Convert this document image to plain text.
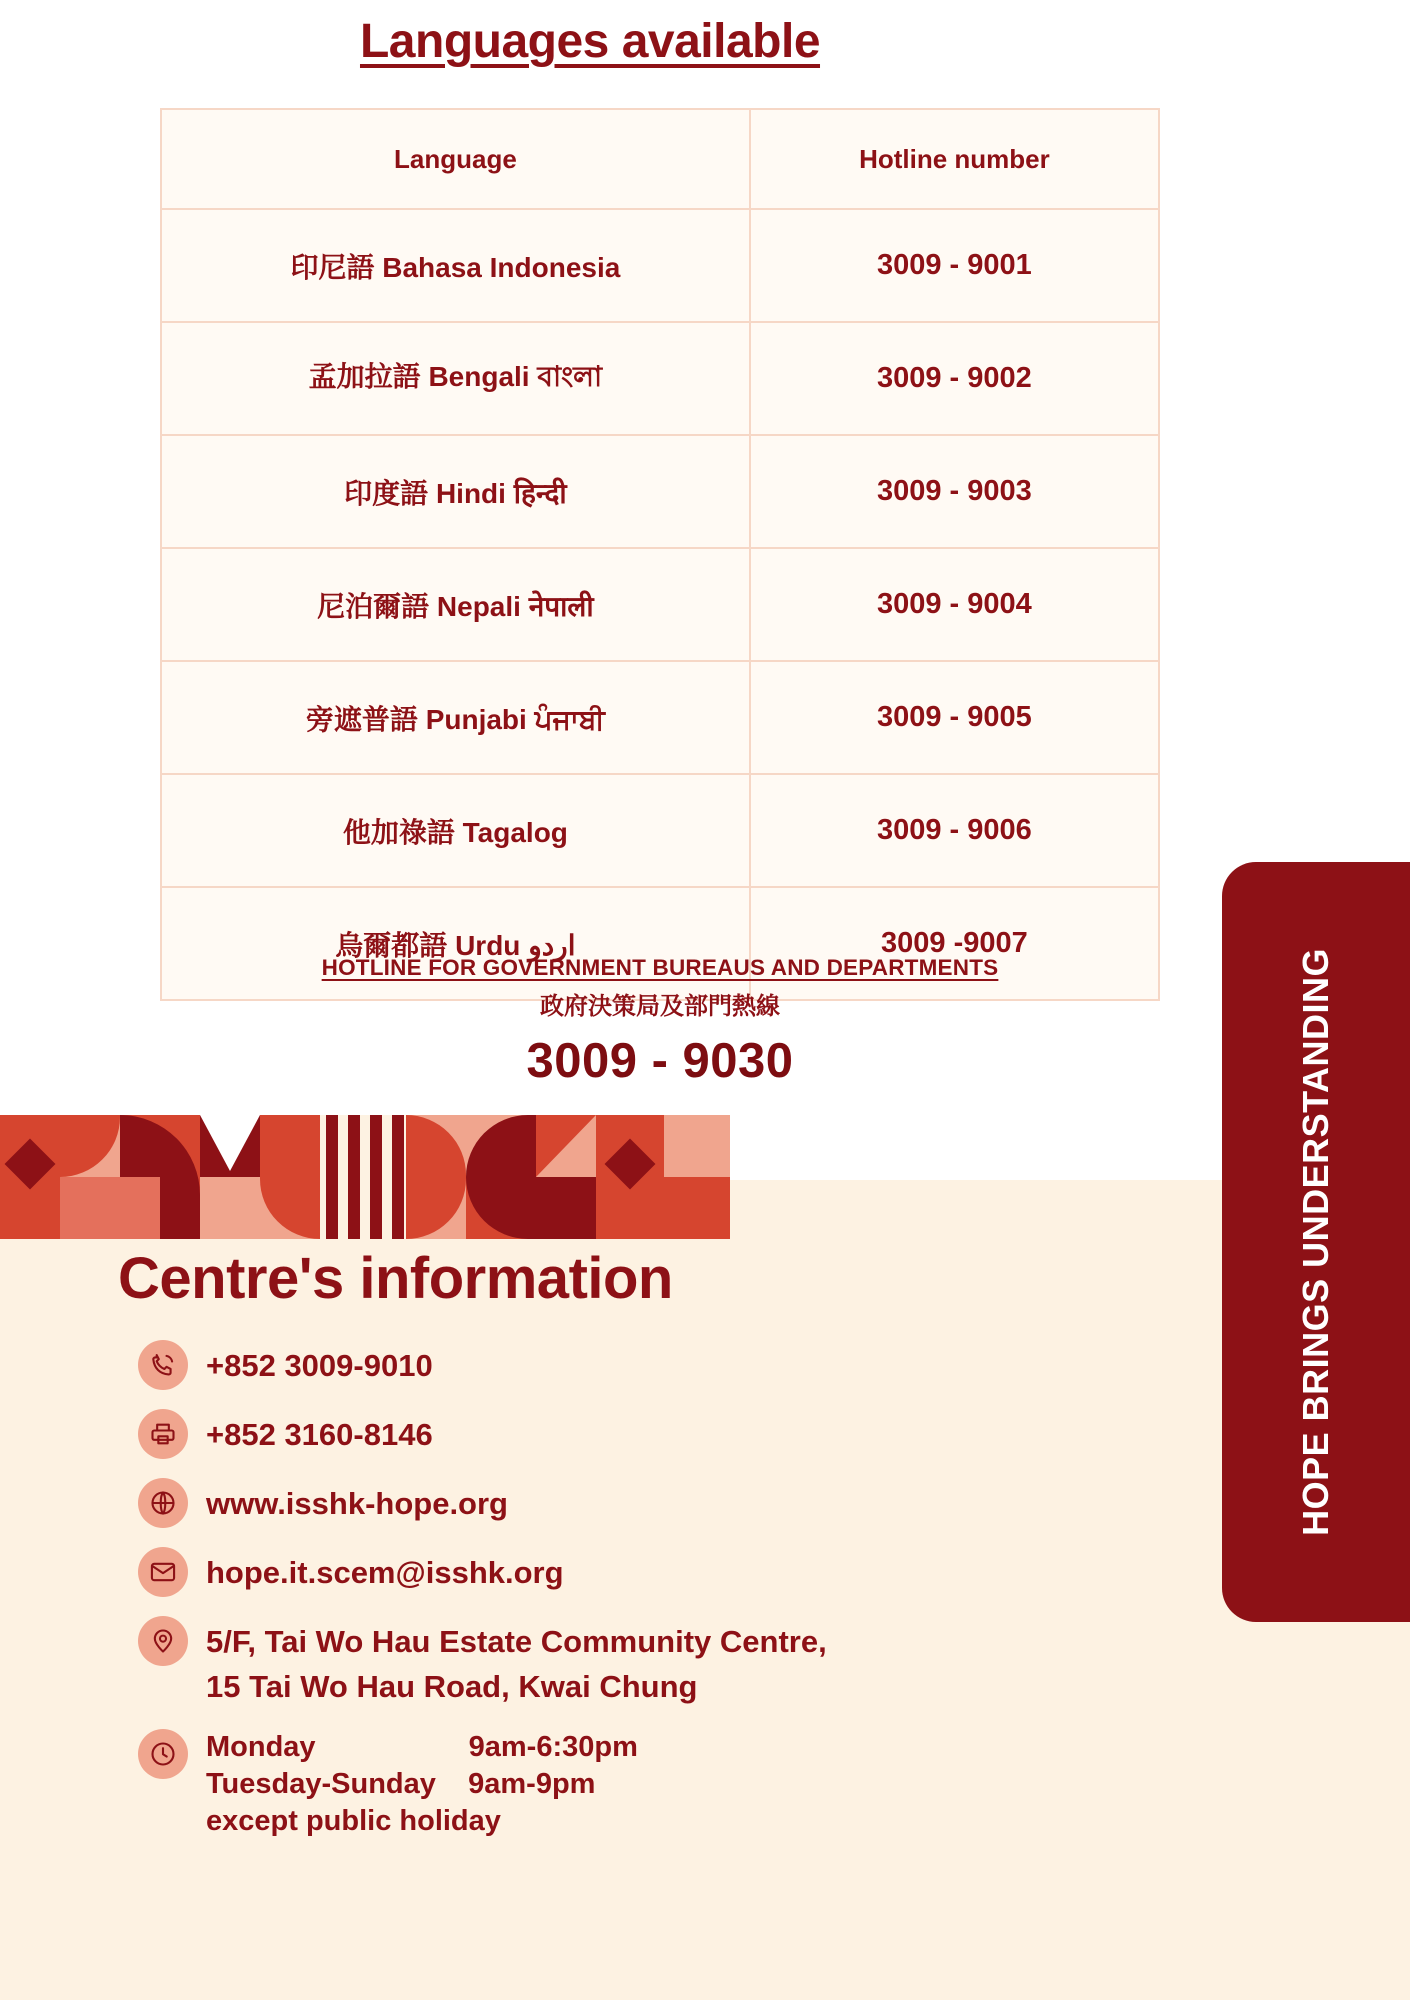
Languages available
Language	Hotline number
印尼語 Bahasa Indonesia	3009 - 9001
孟加拉語 Bengali বাংলা	3009 - 9002
印度語 Hindi हिन्दी	3009 - 9003
尼泊爾語 Nepali नेपाली	3009 - 9004
旁遮普語 Punjabi ਪੰਜਾਬੀ	3009 - 9005
他加祿語 Tagalog	3009 - 9006
烏爾都語 Urdu اردو	3009 -9007
HOTLINE FOR GOVERNMENT BUREAUS AND DEPARTMENTS
政府決策局及部門熱線
3009 - 9030
Centre's information
+852 3009-9010
+852 3160-8146
www.isshk-hope.org
hope.it.scem@isshk.org
5/F, Tai Wo Hau Estate Community Centre,
15 Tai Wo Hau Road, Kwai Chung
Monday                   9am-6:30pm
Tuesday-Sunday    9am-9pm
except public holiday
HOPE BRINGS UNDERSTANDING
